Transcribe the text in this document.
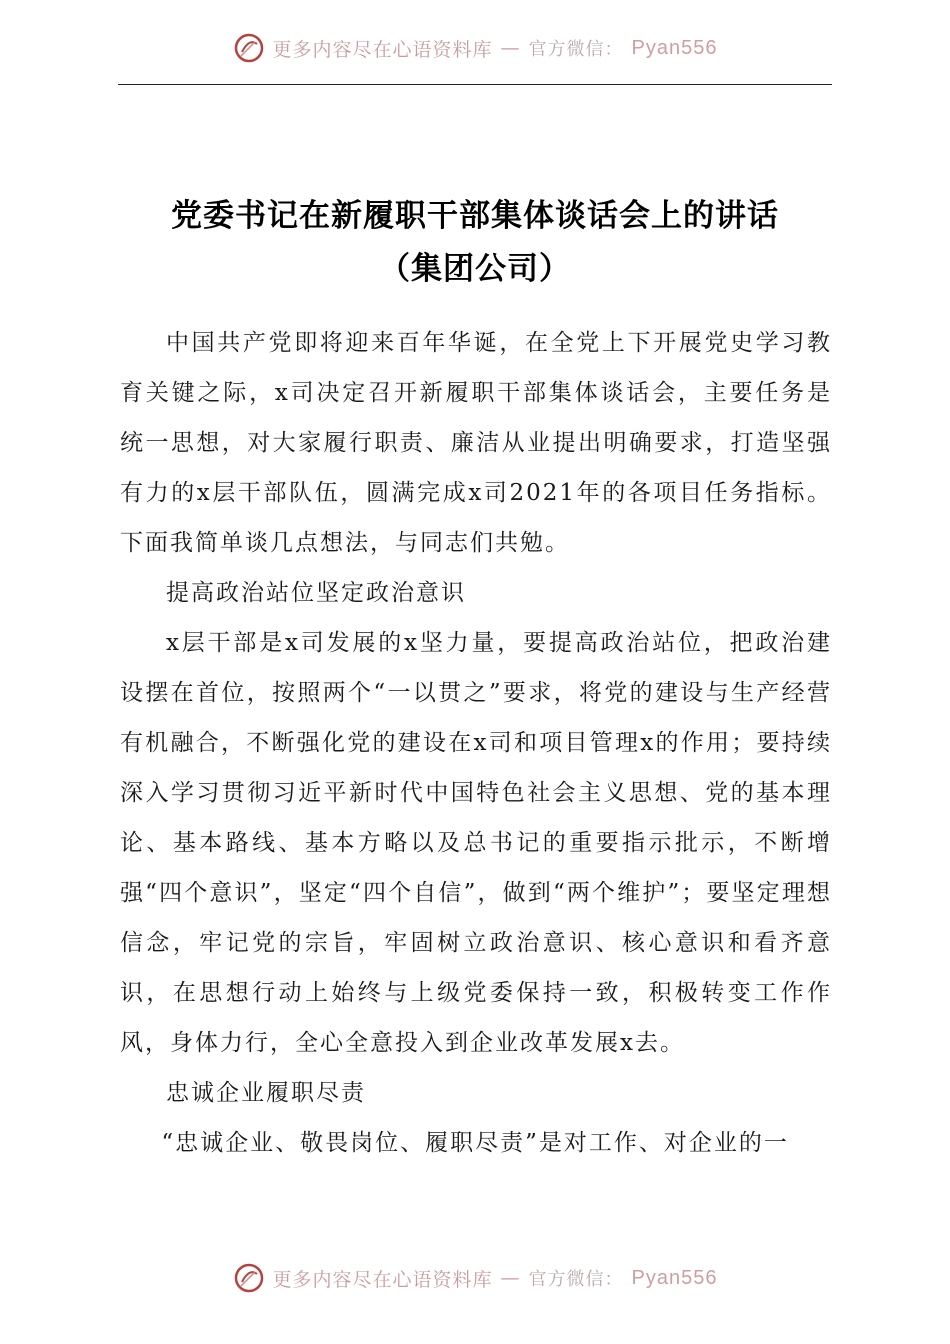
更多内容尽在心语资料库 — 官方微信： Pyan556
党委书记在新履职干部集体谈话会上的讲话
（集团公司）

中国共产党即将迎来百年华诞，在全党上下开展党史学习教育关键之际，x司决定召开新履职干部集体谈话会，主要任务是统一思想，对大家履行职责、廉洁从业提出明确要求，打造坚强有力的x层干部队伍，圆满完成x司2021年的各项目任务指标。下面我简单谈几点想法，与同志们共勉。

提高政治站位坚定政治意识

x层干部是x司发展的x坚力量，要提高政治站位，把政治建设摆在首位，按照两个“一以贯之”要求，将党的建设与生产经营有机融合，不断强化党的建设在x司和项目管理x的作用；要持续深入学习贯彻习近平新时代中国特色社会主义思想、党的基本理论、基本路线、基本方略以及总书记的重要指示批示，不断增强“四个意识”，坚定“四个自信”，做到“两个维护”；要坚定理想信念，牢记党的宗旨，牢固树立政治意识、核心意识和看齐意识，在思想行动上始终与上级党委保持一致，积极转变工作作风，身体力行，全心全意投入到企业改革发展x去。

忠诚企业履职尽责

“忠诚企业、敬畏岗位、履职尽责”是对工作、对企业的一

更多内容尽在心语资料库 — 官方微信： Pyan556
